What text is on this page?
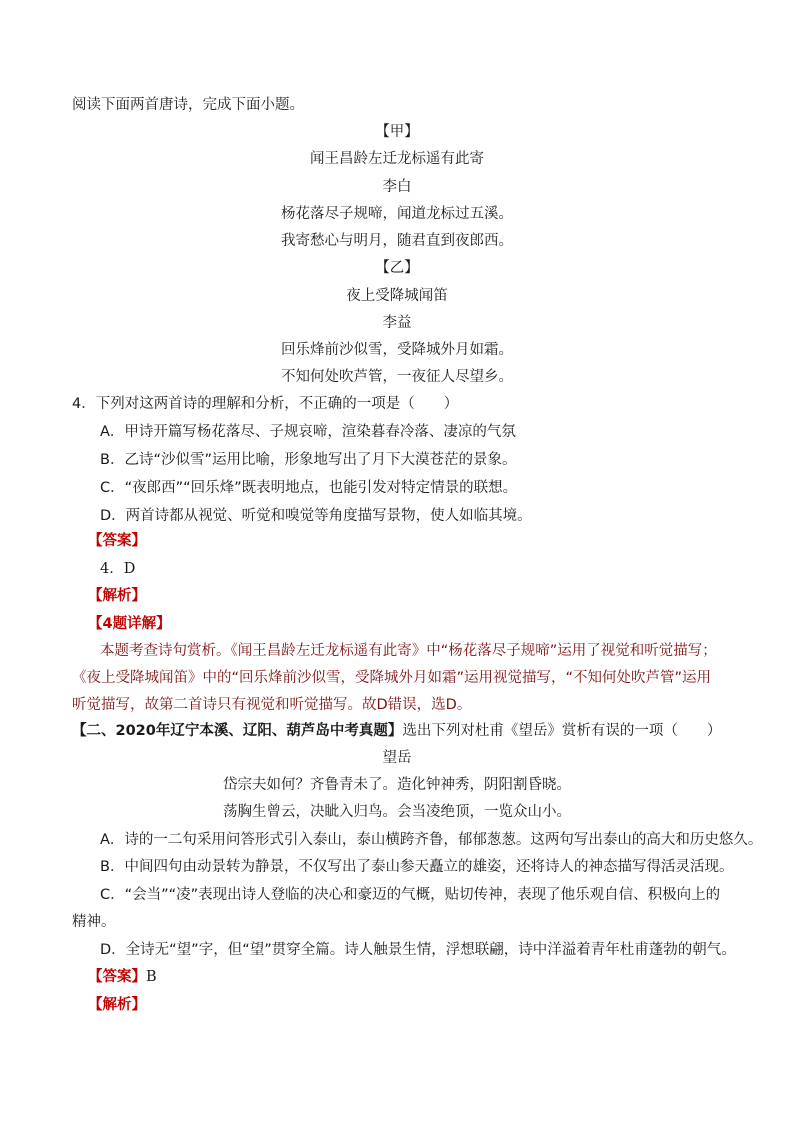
阅读下面两首唐诗，完成下面小题。
【甲】
闻王昌龄左迁龙标遥有此寄
李白
杨花落尽子规啼，闻道龙标过五溪。
我寄愁心与明月，随君直到夜郎西。
【乙】
夜上受降城闻笛
李益
回乐烽前沙似雪，受降城外月如霜。
不知何处吹芦管，一夜征人尽望乡。
4．下列对这两首诗的理解和分析，不正确的一项是（　　）
A．甲诗开篇写杨花落尽、子规哀啼，渲染暮春冷落、凄凉的气氛
B．乙诗“沙似雪”运用比喻，形象地写出了月下大漠苍茫的景象。
C．“夜郎西”“回乐烽”既表明地点，也能引发对特定情景的联想。
D．两首诗都从视觉、听觉和嗅觉等角度描写景物，使人如临其境。
【答案】
4．D
【解析】
【4题详解】
本题考查诗句赏析。《闻王昌龄左迁龙标遥有此寄》中“杨花落尽子规啼”运用了视觉和听觉描写；
《夜上受降城闻笛》中的“回乐烽前沙似雪，受降城外月如霜”运用视觉描写，“不知何处吹芦管”运用
听觉描写，故第二首诗只有视觉和听觉描写。故D错误，选D。
【二、2020年辽宁本溪、辽阳、葫芦岛中考真题】选出下列对杜甫《望岳》赏析有误的一项（　　）
望岳
岱宗夫如何？齐鲁青未了。造化钟神秀，阴阳割昏晓。
荡胸生曾云，决眦入归鸟。会当凌绝顶，一览众山小。
A．诗的一二句采用问答形式引入泰山，泰山横跨齐鲁，郁郁葱葱。这两句写出泰山的高大和历史悠久。
B．中间四句由动景转为静景，不仅写出了泰山参天矗立的雄姿，还将诗人的神态描写得活灵活现。
C．“会当”“凌”表现出诗人登临的决心和豪迈的气概，贴切传神，表现了他乐观自信、积极向上的
精神。
D．全诗无“望”字，但“望”贯穿全篇。诗人触景生情，浮想联翩，诗中洋溢着青年杜甫蓬勃的朝气。
【答案】B
【解析】
